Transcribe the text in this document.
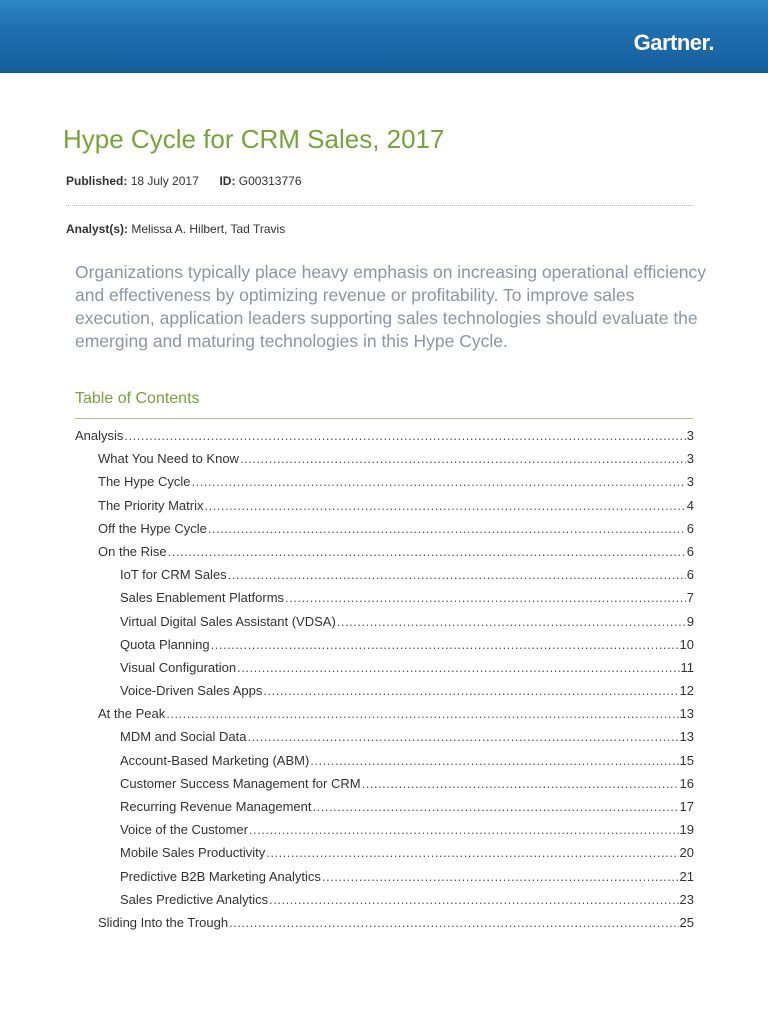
Gartner.
Hype Cycle for CRM Sales, 2017
Published: 18 July 2017 ID: G00313776
Analyst(s): Melissa A. Hilbert, Tad Travis

Organizations typically place heavy emphasis on increasing operational efficiency and effectiveness by optimizing revenue or profitability. To improve sales execution, application leaders supporting sales technologies should evaluate the emerging and maturing technologies in this Hype Cycle.

Table of Contents
Analysis .....	3
What You Need to Know .....	3
The Hype Cycle .....	3
The Priority Matrix .....	4
Off the Hype Cycle .....	6
On the Rise .....	6
IoT for CRM Sales .....	6
Sales Enablement Platforms .....	7
Virtual Digital Sales Assistant (VDSA) .....	9
Quota Planning .....	10
Visual Configuration .....	11
Voice-Driven Sales Apps .....	12
At the Peak .....	13
MDM and Social Data .....	13
Account-Based Marketing (ABM) .....	15
Customer Success Management for CRM .....	16
Recurring Revenue Management .....	17
Voice of the Customer .....	19
Mobile Sales Productivity .....	20
Predictive B2B Marketing Analytics .....	21
Sales Predictive Analytics .....	23
Sliding Into the Trough .....	25
